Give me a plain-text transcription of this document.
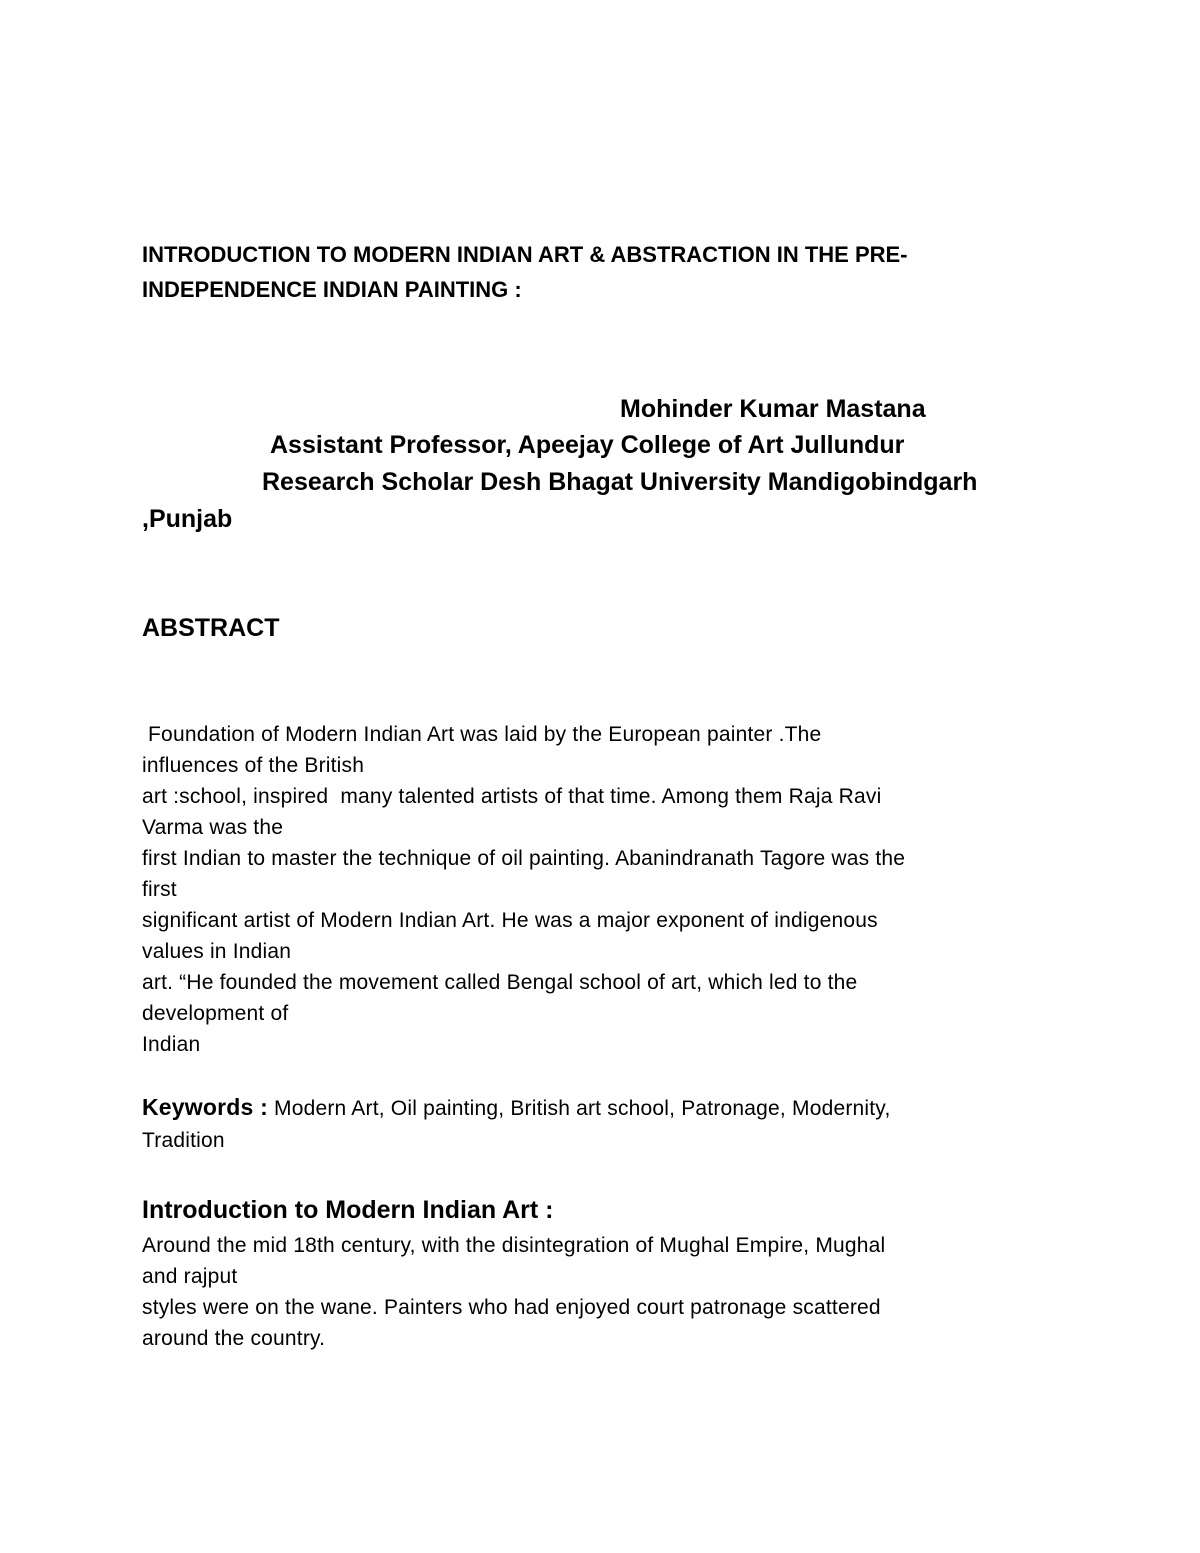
INTRODUCTION TO MODERN INDIAN ART & ABSTRACTION IN THE PRE-
INDEPENDENCE INDIAN PAINTING :
Mohinder Kumar Mastana
Assistant Professor, Apeejay College of Art Jullundur
Research Scholar Desh Bhagat University Mandigobindgarh
,Punjab
ABSTRACT
Foundation of Modern Indian Art was laid by the European painter .The
influences of the British
art :school, inspired  many talented artists of that time. Among them Raja Ravi
Varma was the
first Indian to master the technique of oil painting. Abanindranath Tagore was the
first
significant artist of Modern Indian Art. He was a major exponent of indigenous
values in Indian
art. “He founded the movement called Bengal school of art, which led to the
development of
Indian
Keywords : Modern Art, Oil painting, British art school, Patronage, Modernity,
Tradition
Introduction to Modern Indian Art :
Around the mid 18th century, with the disintegration of Mughal Empire, Mughal
and rajput
styles were on the wane. Painters who had enjoyed court patronage scattered
around the country.
